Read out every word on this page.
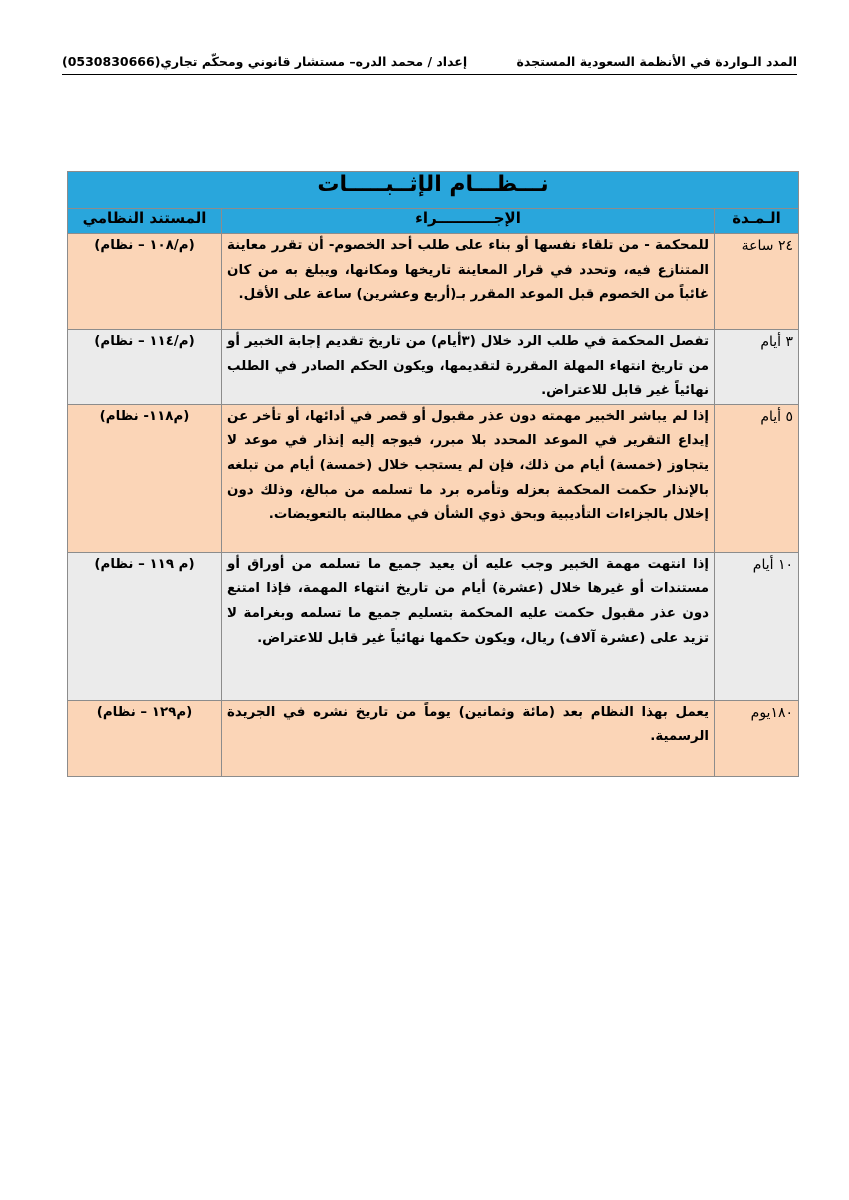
المدد الـواردة في الأنظمة السعودية المستجدة
إعداد / محمد الدره– مستشار قانوني ومحكّم تجاري(0530830666)
نـــظـــام الإثــبـــــات		
الـمـدة	الإجـــــــــــراء	المستند النظامي
٢٤ ساعة	للمحكمة - من تلقاء نفسها أو بناء على طلب أحد الخصوم- أن تقرر معاينة المتنازع فيه، وتحدد في قرار المعاينة تاريخها ومكانها، ويبلغ به من كان غائباً من الخصوم قبل الموعد المقرر بـ(أربع وعشرين) ساعة على الأقل.	(م/١٠٨ – نظام)
٣ أيام	تفصل المحكمة في طلب الرد خلال (٣أيام) من تاريخ تقديم إجابة الخبير أو من تاريخ انتهاء المهلة المقررة لتقديمها، ويكون الحكم الصادر في الطلب نهائياً غير قابل للاعتراض.	(م/١١٤ – نظام)
٥ أيام	إذا لم يباشر الخبير مهمته دون عذر مقبول أو قصر في أدائها، أو تأخر عن إيداع التقرير في الموعد المحدد بلا مبرر، فيوجه إليه إنذار في موعد لا يتجاوز (خمسة) أيام من ذلك، فإن لم يستجب خلال (خمسة) أيام من تبلغه بالإنذار حكمت المحكمة بعزله وتأمره برد ما تسلمه من مبالغ، وذلك دون إخلال بالجزاءات التأديبية وبحق ذوي الشأن في مطالبته بالتعويضات.	(م١١٨- نظام)
١٠ أيام	إذا انتهت مهمة الخبير وجب عليه أن يعيد جميع ما تسلمه من أوراق أو مستندات أو غيرها خلال (عشرة) أيام من تاريخ انتهاء المهمة، فإذا امتنع دون عذر مقبول حكمت عليه المحكمة بتسليم جميع ما تسلمه وبغرامة لا تزيد على (عشرة آلاف) ريال، ويكون حكمها نهائياً غير قابل للاعتراض.	(م ١١٩ – نظام)
١٨٠يوم	يعمل بهذا النظام بعد (مائة وثمانين) يوماً من تاريخ نشره في الجريدة الرسمية.	(م١٢٩ – نظام)
